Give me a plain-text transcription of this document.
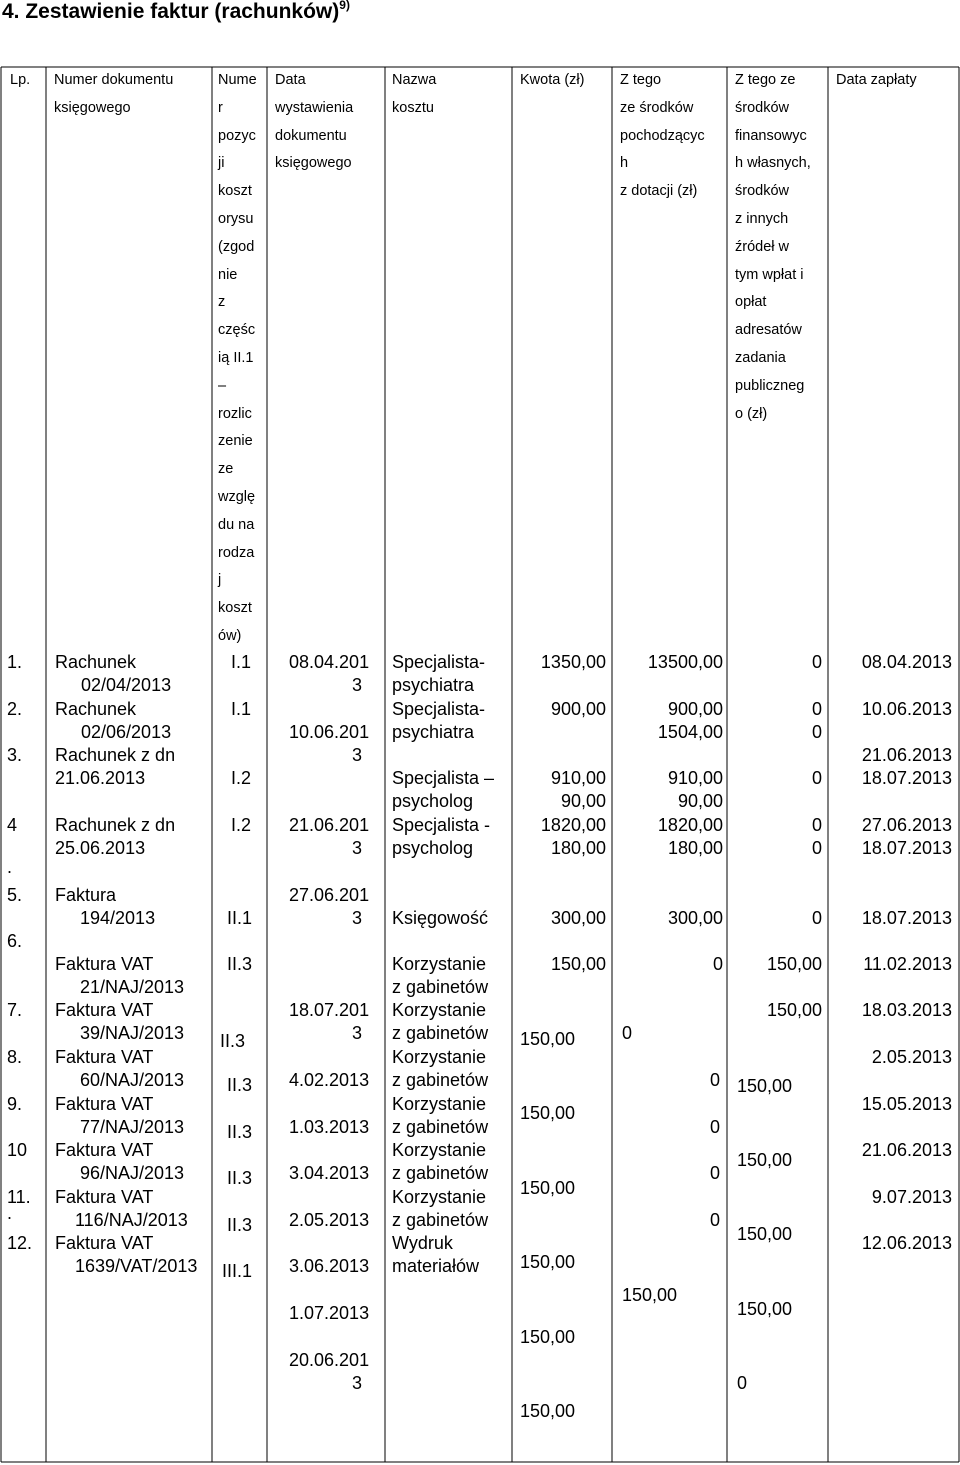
4. Zestawienie faktur (rachunków)$^{9)}$
Lp. Numer dokumentu
księgowego
Nume
r
pozyc
ji
koszt
orysu
(zgod
nie
z
częśc
ią II.1
–
rozlic
zenie
ze
wzglę
du na
rodza
j
koszt
ów)
Data
wystawienia
dokumentu
księgowego
Nazwa
kosztu
Kwota (zł) Z tego
ze środków
pochodzącyc
h
z dotacji (zł)
Z tego ze
środków
finansowyc
h własnych,
środków
z innych
źródeł w
tym wpłat i
opłat
adresatów
zadania
publiczneg
o (zł)
Data zapłaty
1.
2.
3.
4
.
5.
6.
7.
8.
9.
10
11.
.
12.
Rachunek
02/04/2013
Rachunek
02/06/2013
Rachunek z dn
21.06.2013
Rachunek z dn
25.06.2013
Faktura
194/2013
Faktura VAT
21/NAJ/2013
Faktura VAT
39/NAJ/2013
Faktura VAT
60/NAJ/2013
Faktura VAT
77/NAJ/2013
Faktura VAT
96/NAJ/2013
Faktura VAT
116/NAJ/2013
Faktura VAT
1639/VAT/2013
I.1
I.1
I.2
I.2
II.1
II.3
II.3
II.3
II.3
II.3
II.3
III.1
08.04.201
3
10.06.201
3
21.06.201
3
27.06.201
3
18.07.201
3
4.02.2013
1.03.2013
3.04.2013
2.05.2013
3.06.2013
1.07.2013
20.06.201
3
Specjalista-
psychiatra
Specjalista-
psychiatra
Specjalista –
psycholog
Specjalista -
psycholog
Księgowość
Korzystanie
z gabinetów
Korzystanie
z gabinetów
Korzystanie
z gabinetów
Korzystanie
z gabinetów
Korzystanie
z gabinetów
Korzystanie
z gabinetów
Wydruk
materiałów
1350,00
900,00
910,00
90,00
1820,00
180,00
300,00
150,00
150,00
150,00
150,00
150,00
150,00
150,00
13500,00
900,00
1504,00
910,00
90,00
1820,00
180,00
300,00
0
0
150,00
0
0
0
0
0
0
0
0
0
0
0
150,00
150,00
150,00
150,00
150,00
150,00
0
08.04.2013
10.06.2013
21.06.2013
18.07.2013
27.06.2013
18.07.2013
18.07.2013
11.02.2013
18.03.2013
2.05.2013
15.05.2013
21.06.2013
9.07.2013
12.06.2013
